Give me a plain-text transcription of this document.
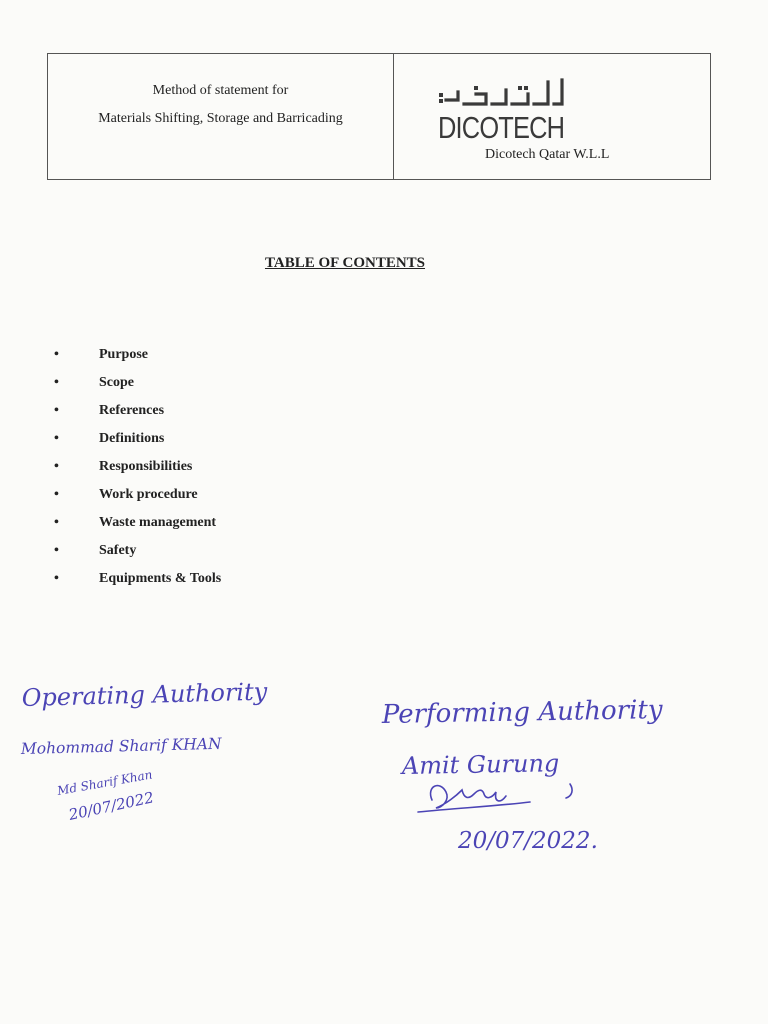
Method of statement for
Materials Shifting, Storage and Barricading	DICOTECH
Dicotech Qatar W.L.L
TABLE OF CONTENTS
•	Purpose
•	Scope
•	References
•	Definitions
•	Responsibilities
•	Work procedure
•	Waste management
•	Safety
•	Equipments & Tools
Operating Authority
Mohommad Sharif KHAN
Md Sharif Khan
20/07/2022
Performing Authority
Amit Gurung
20/07/2022.
